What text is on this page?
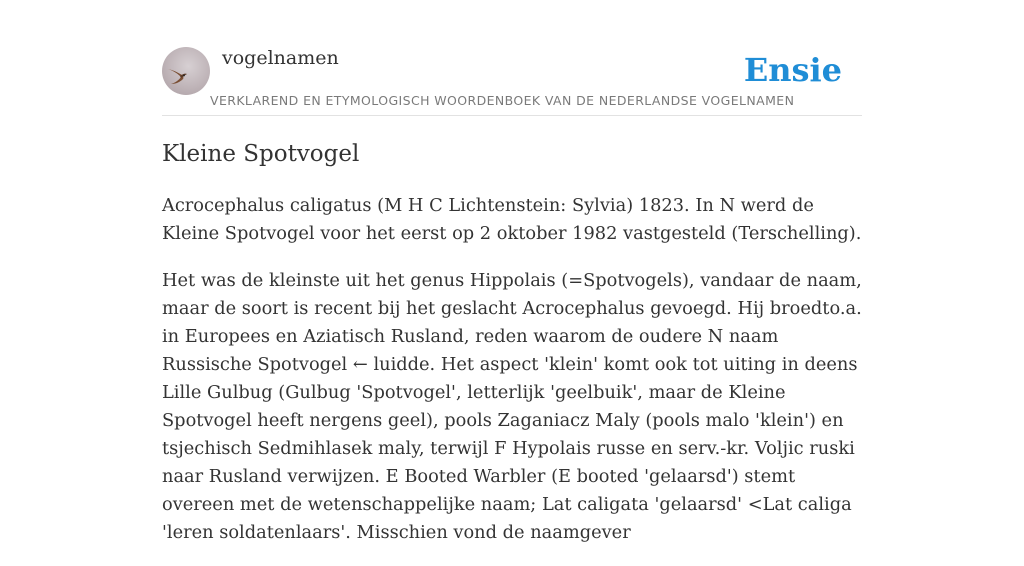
vogelnamen
VERKLAREND EN ETYMOLOGISCH WOORDENBOEK VAN DE NEDERLANDSE VOGELNAMEN
Ensie
Kleine Spotvogel

Acrocephalus caligatus (M H C Lichtenstein: Sylvia) 1823. In N werd de Kleine Spotvogel voor het eerst op 2 oktober 1982 vastgesteld (Terschelling).

Het was de kleinste uit het genus Hippolais (=Spotvogels), vandaar de naam, maar de soort is recent bij het geslacht Acrocephalus gevoegd. Hij broedto.a. in Europees en Aziatisch Rusland, reden waarom de oudere N naam Russische Spotvogel ← luidde. Het aspect 'klein' komt ook tot uiting in deens Lille Gulbug (Gulbug 'Spotvogel', letterlijk 'geelbuik', maar de Kleine Spotvogel heeft nergens geel), pools Zaganiacz Maly (pools malo 'klein') en tsjechisch Sedmihlasek maly, terwijl F Hypolais russe en serv.-kr. Voljic ruski naar Rusland verwijzen. E Booted Warbler (E booted 'gelaarsd') stemt overeen met de wetenschappelijke naam; Lat caligata 'gelaarsd' <Lat caliga 'leren soldatenlaars'. Misschien vond de naamgever
